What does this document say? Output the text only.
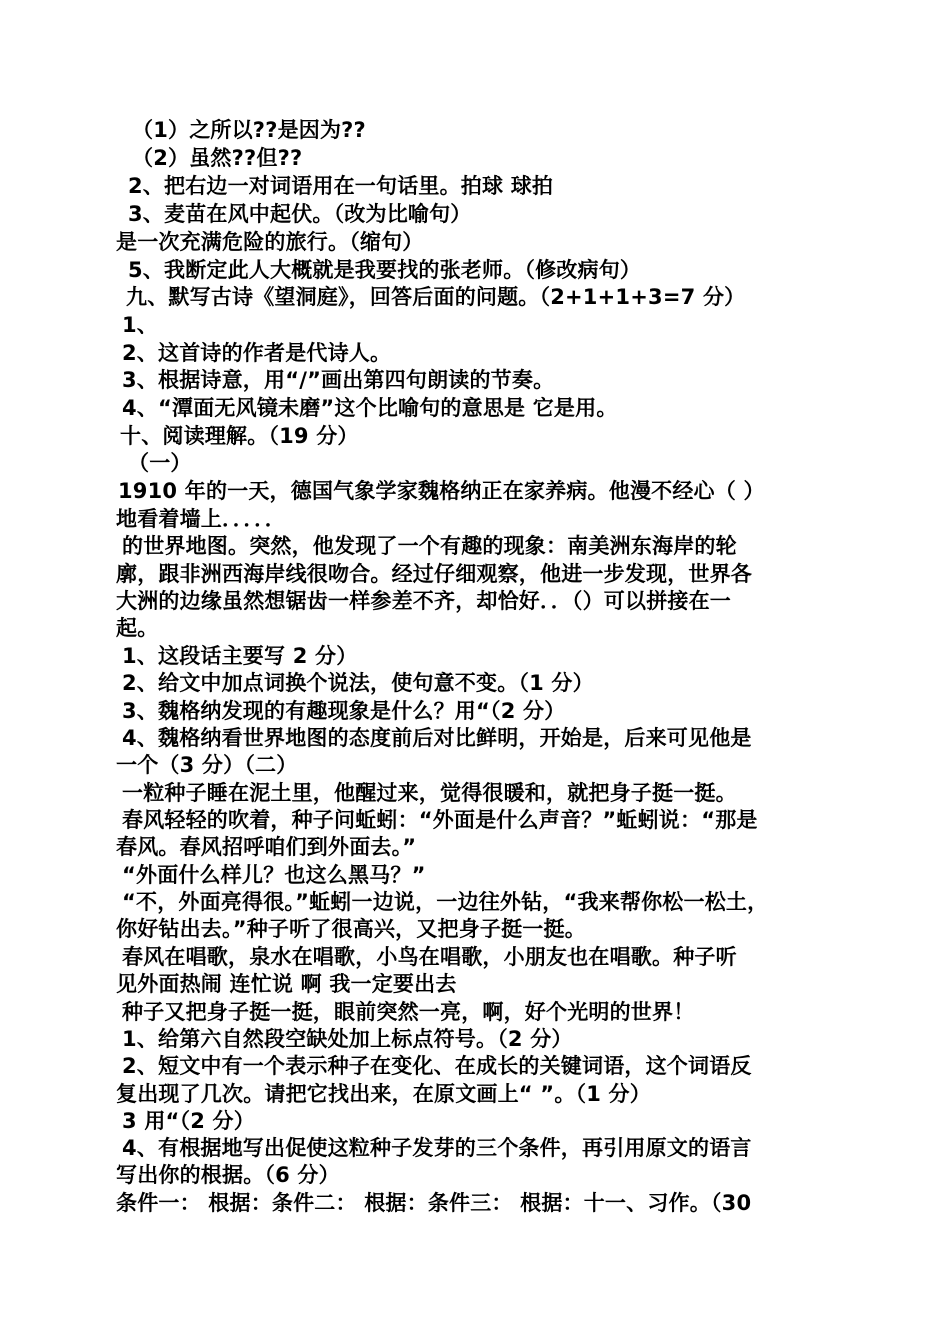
（1）之所以??是因为??
（2）虽然??但??
2、把右边一对词语用在一句话里。拍球 球拍
3、麦苗在风中起伏。（改为比喻句）
是一次充满危险的旅行。（缩句）
5、我断定此人大概就是我要找的张老师。（修改病句）
九、默写古诗《望洞庭》，回答后面的问题。（2+1+1+3=7 分）
1、
2、这首诗的作者是代诗人。
3、根据诗意，用“/”画出第四句朗读的节奏。
4、“潭面无风镜未磨”这个比喻句的意思是 它是用。
十、阅读理解。（19 分）
（一）
1910 年的一天，德国气象学家魏格纳正在家养病。他漫不经心（ ）
地看着墙上．．．．．
的世界地图。突然，他发现了一个有趣的现象：南美洲东海岸的轮
廓，跟非洲西海岸线很吻合。经过仔细观察，他进一步发现，世界各
大洲的边缘虽然想锯齿一样参差不齐，却恰好．．（）可以拼接在一
起。
1、这段话主要写 2 分）
2、给文中加点词换个说法，使句意不变。（1 分）
3、魏格纳发现的有趣现象是什么？用“（2 分）
4、魏格纳看世界地图的态度前后对比鲜明，开始是，后来可见他是
一个（3 分）（二）
一粒种子睡在泥土里，他醒过来，觉得很暖和，就把身子挺一挺。
春风轻轻的吹着，种子问蚯蚓：“外面是什么声音？”蚯蚓说：“那是
春风。春风招呼咱们到外面去。”
“外面什么样儿？也这么黑马？”
“不，外面亮得很。”蚯蚓一边说，一边往外钻，“我来帮你松一松土，
你好钻出去。”种子听了很高兴，又把身子挺一挺。
春风在唱歌，泉水在唱歌，小鸟在唱歌，小朋友也在唱歌。种子听
见外面热闹 连忙说 啊 我一定要出去
种子又把身子挺一挺，眼前突然一亮，啊，好个光明的世界！
1、给第六自然段空缺处加上标点符号。（2 分）
2、短文中有一个表示种子在变化、在成长的关键词语，这个词语反
复出现了几次。请把它找出来，在原文画上“ ”。（1 分）
3 用“（2 分）
4、有根据地写出促使这粒种子发芽的三个条件，再引用原文的语言
写出你的根据。（6 分）
条件一： 根据：条件二： 根据：条件三： 根据：十一、习作。（30
